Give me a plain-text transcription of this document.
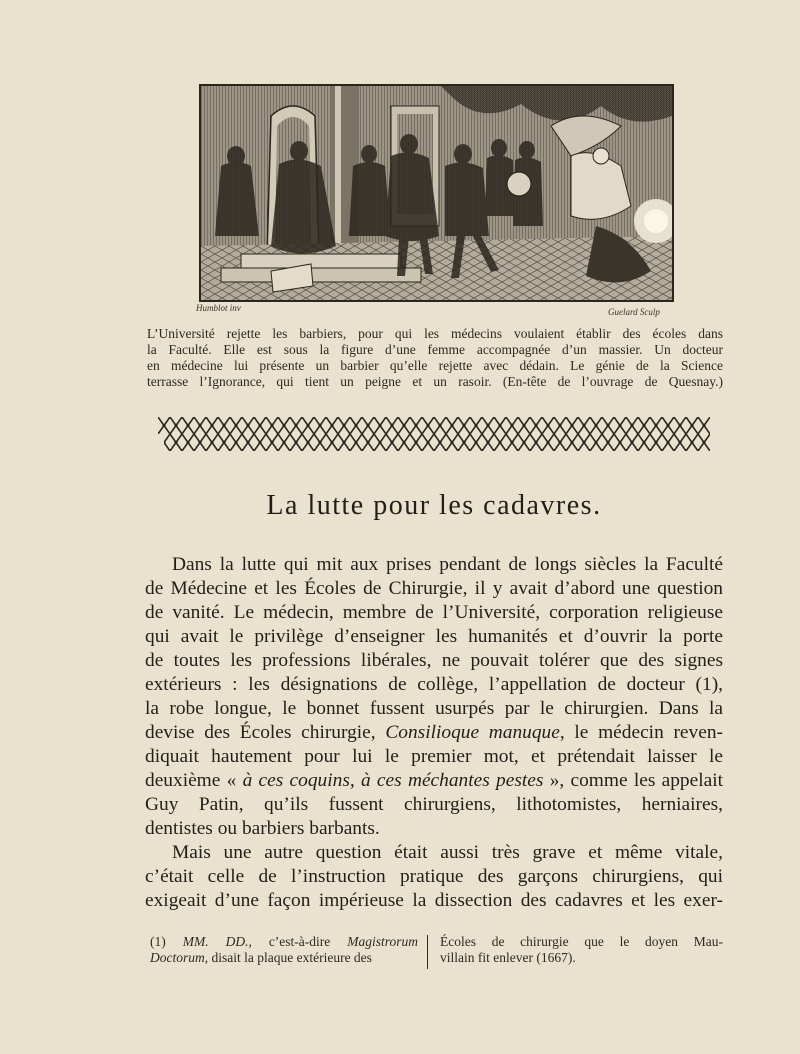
Humblot inv	Guelard Sculp
L’Université rejette les barbiers, pour qui les médecins voulaient établir des écoles dans
la Faculté. Elle est sous la figure d’une femme accompagnée d’un massier. Un docteur
en médecine lui présente un barbier qu’elle rejette avec dédain. Le génie de la Science
terrasse l’Ignorance, qui tient un peigne et un rasoir. (En-tête de l’ouvrage de Quesnay.)
La lutte pour les cadavres.
Dans la lutte qui mit aux prises pendant de longs siècles la Faculté
de Médecine et les Écoles de Chirurgie, il y avait d’abord une question
de vanité. Le médecin, membre de l’Université, corporation religieuse
qui avait le privilège d’enseigner les humanités et d’ouvrir la porte
de toutes les professions libérales, ne pouvait tolérer que des signes
extérieurs : les désignations de collège, l’appellation de docteur (1),
la robe longue, le bonnet fussent usurpés par le chirurgien. Dans la
devise des Écoles chirurgie, Consilioque manuque, le médecin reven-
diquait hautement pour lui le premier mot, et prétendait laisser le
deuxième « à ces coquins, à ces méchantes pestes », comme les appelait
Guy Patin, qu’ils fussent chirurgiens, lithotomistes, herniaires,
dentistes ou barbiers barbants.
Mais une autre question était aussi très grave et même vitale,
c’était celle de l’instruction pratique des garçons chirurgiens, qui
exigeait d’une façon impérieuse la dissection des cadavres et les exer-
(1) MM. DD., c’est-à-dire Magistrorum
Doctorum, disait la plaque extérieure des
Écoles de chirurgie que le doyen Mau-
villain fit enlever (1667).
